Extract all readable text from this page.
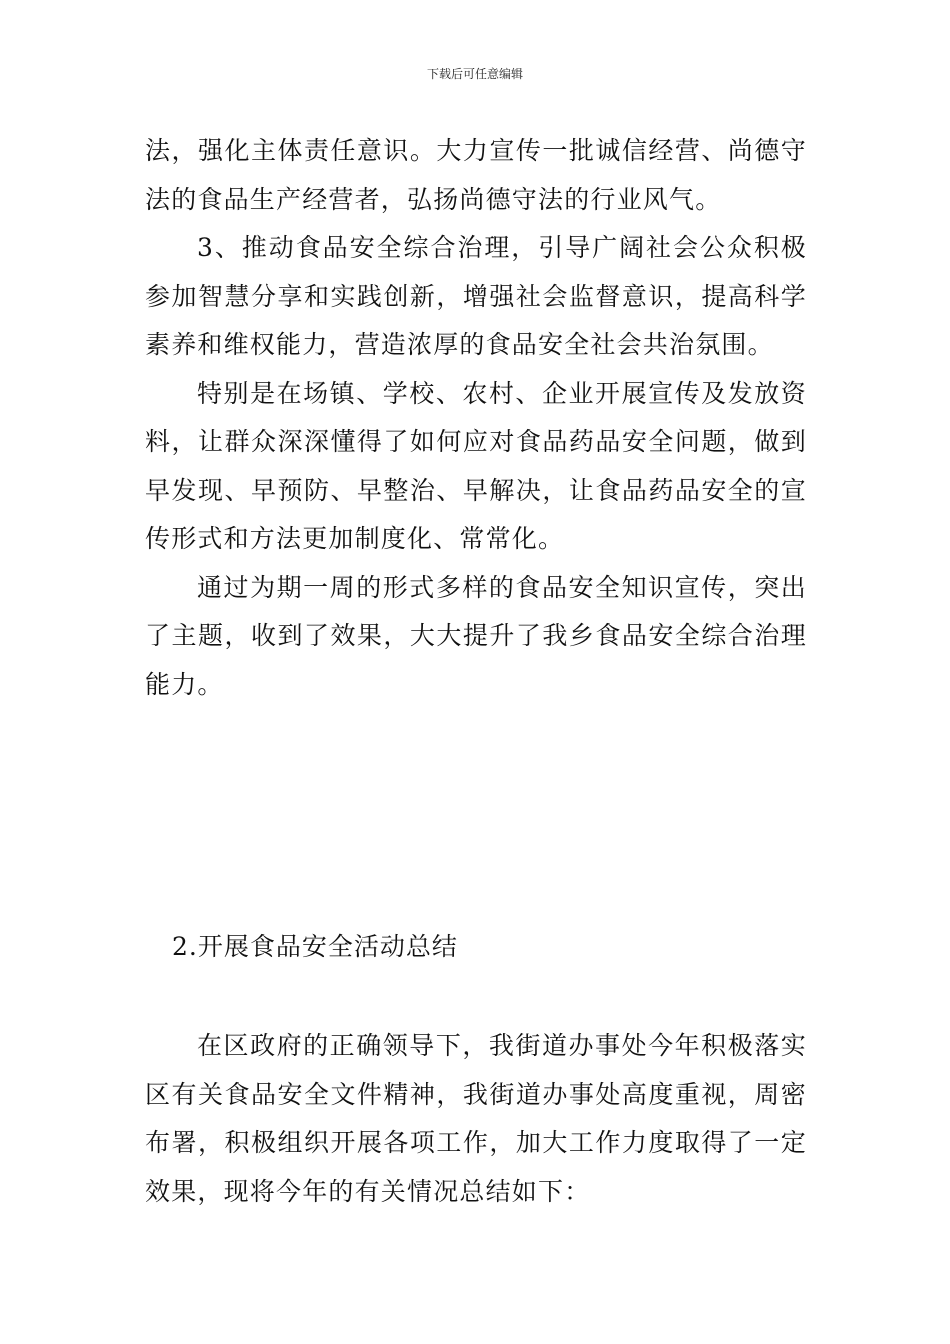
下载后可任意编辑

法，强化主体责任意识。大力宣传一批诚信经营、尚德守法的食品生产经营者，弘扬尚德守法的行业风气。

3、推动食品安全综合治理，引导广阔社会公众积极参加智慧分享和实践创新，增强社会监督意识，提高科学素养和维权能力，营造浓厚的食品安全社会共治氛围。

特别是在场镇、学校、农村、企业开展宣传及发放资料，让群众深深懂得了如何应对食品药品安全问题，做到早发现、早预防、早整治、早解决，让食品药品安全的宣传形式和方法更加制度化、常常化。

通过为期一周的形式多样的食品安全知识宣传，突出了主题，收到了效果，大大提升了我乡食品安全综合治理能力。

2.开展食品安全活动总结

在区政府的正确领导下，我街道办事处今年积极落实区有关食品安全文件精神，我街道办事处高度重视，周密布署，积极组织开展各项工作，加大工作力度取得了一定效果，现将今年的有关情况总结如下：
